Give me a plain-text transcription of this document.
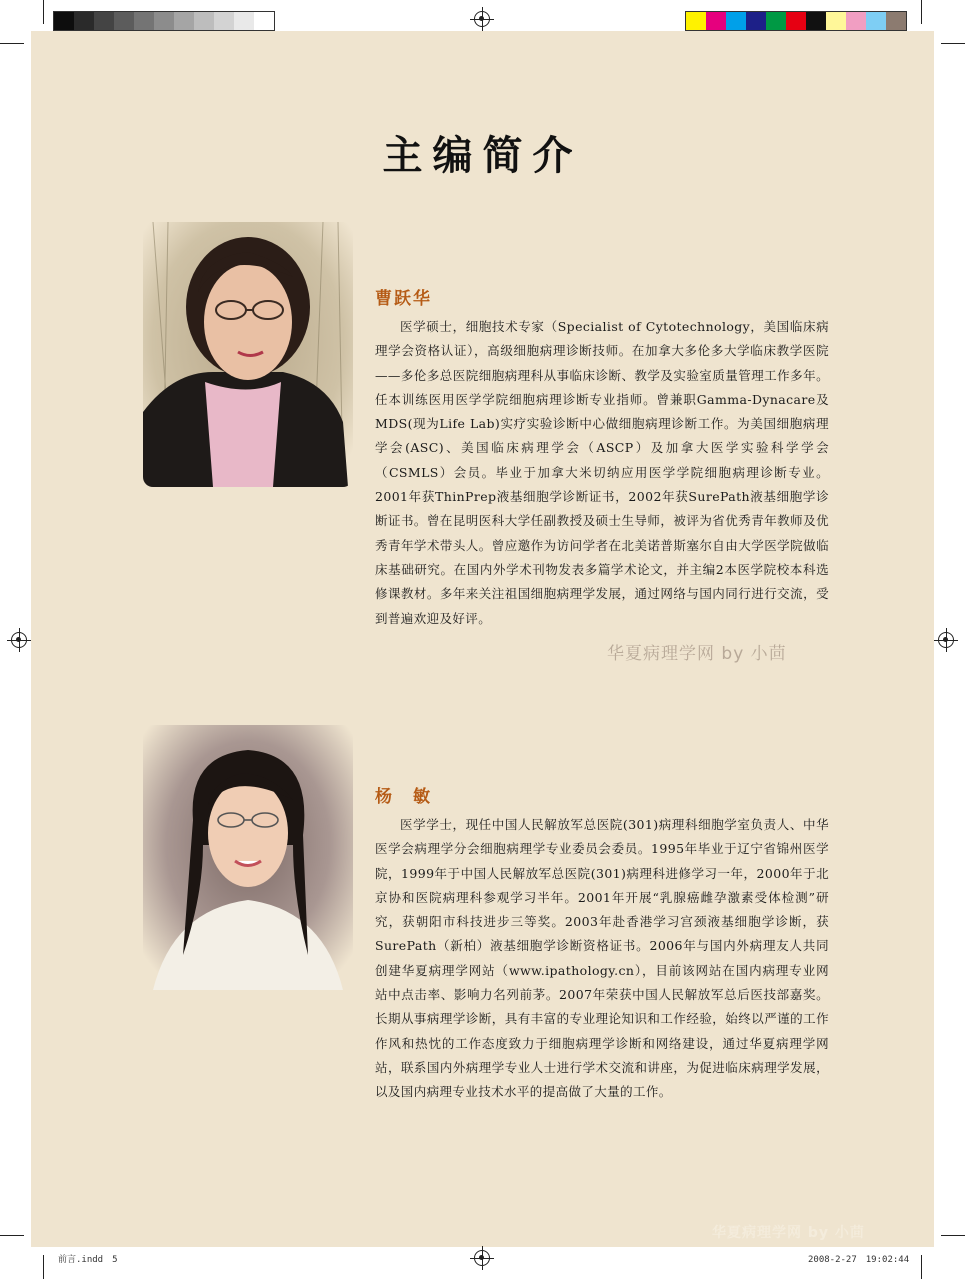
主编简介
曹跃华
医学硕士，细胞技术专家（Specialist of Cytotechnology，美国临床病理学会资格认证），高级细胞病理诊断技师。在加拿大多伦多大学临床教学医院——多伦多总医院细胞病理科从事临床诊断、教学及实验室质量管理工作多年。任本训练医用医学学院细胞病理诊断专业指师。曾兼职Gamma-Dynacare及MDS(现为Life Lab)实疗实验诊断中心做细胞病理诊断工作。为美国细胞病理学会(ASC)、美国临床病理学会（ASCP）及加拿大医学实验科学学会（CSMLS）会员。毕业于加拿大米切纳应用医学学院细胞病理诊断专业。2001年获ThinPrep液基细胞学诊断证书，2002年获SurePath液基细胞学诊断证书。曾在昆明医科大学任副教授及硕士生导师，被评为省优秀青年教师及优秀青年学术带头人。曾应邀作为访问学者在北美诺普斯塞尔自由大学医学院做临床基础研究。在国内外学术刊物发表多篇学术论文，并主编2本医学院校本科选修课教材。多年来关注祖国细胞病理学发展，通过网络与国内同行进行交流，受到普遍欢迎及好评。
华夏病理学网 by 小茴
杨　敏
医学学士，现任中国人民解放军总医院(301)病理科细胞学室负责人、中华医学会病理学分会细胞病理学专业委员会委员。1995年毕业于辽宁省锦州医学院，1999年于中国人民解放军总医院(301)病理科进修学习一年，2000年于北京协和医院病理科参观学习半年。2001年开展“乳腺癌雌孕激素受体检测”研究，获朝阳市科技进步三等奖。2003年赴香港学习宫颈液基细胞学诊断，获SurePath（新柏）液基细胞学诊断资格证书。2006年与国内外病理友人共同创建华夏病理学网站（www.ipathology.cn），目前该网站在国内病理专业网站中点击率、影响力名列前茅。2007年荣获中国人民解放军总后医技部嘉奖。长期从事病理学诊断，具有丰富的专业理论知识和工作经验，始终以严谨的工作作风和热忱的工作态度致力于细胞病理学诊断和网络建设，通过华夏病理学网站，联系国内外病理学专业人士进行学术交流和讲座，为促进临床病理学发展，以及国内病理专业技术水平的提高做了大量的工作。
华夏病理学网 by 小茴
前言.indd　5	2008-2-27　19:02:44
